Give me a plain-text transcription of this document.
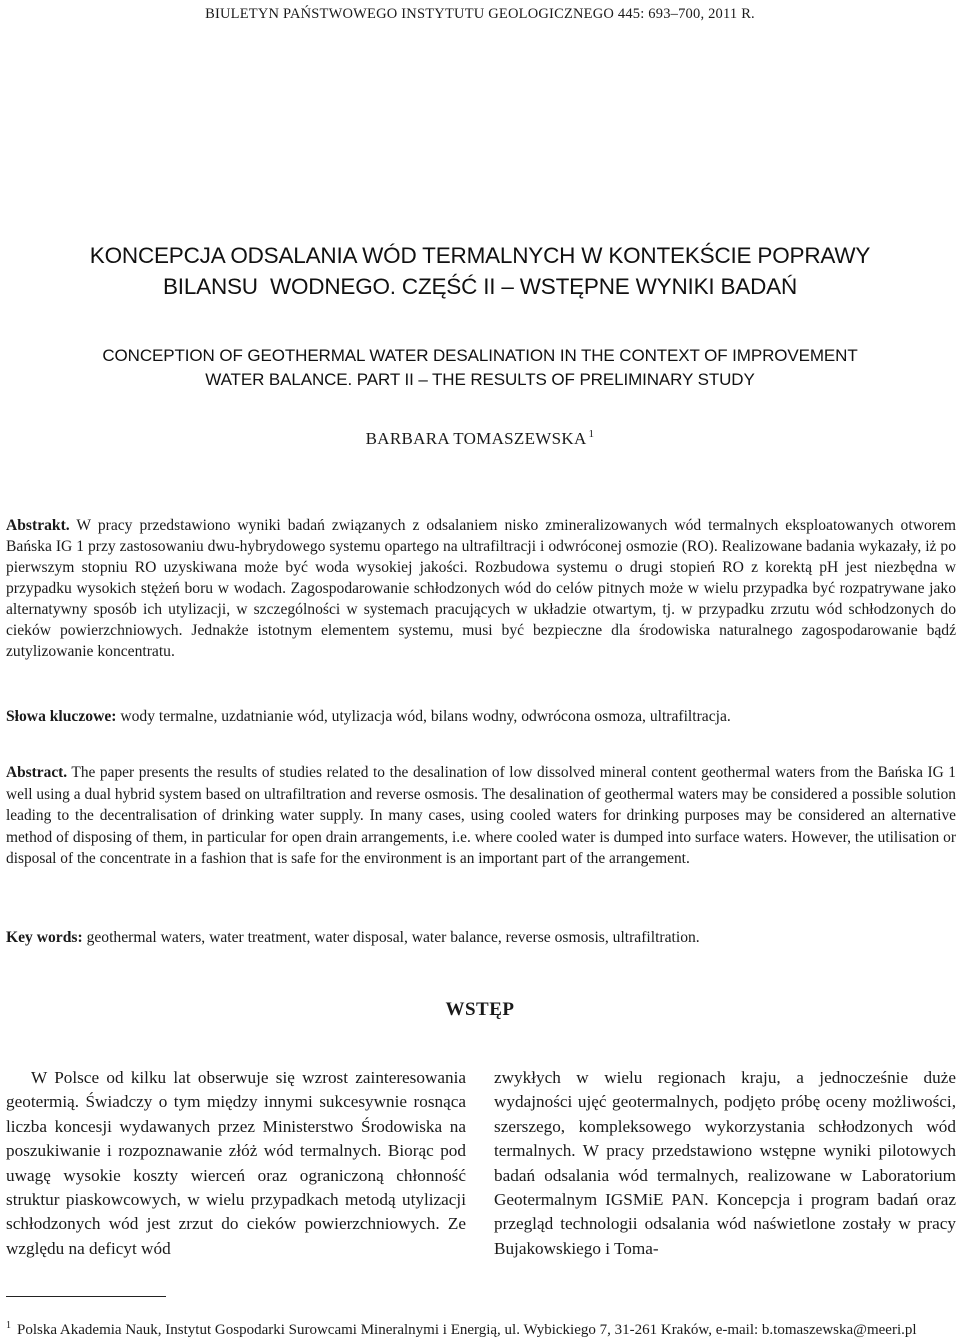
BIULETYN PAŃSTWOWEGO INSTYTUTU GEOLOGICZNEGO 445: 693–700, 2011 R.
KONCEPCJA ODSALANIA WÓD TERMALNYCH W KONTEKŚCIE POPRAWY
BILANSU  WODNEGO. CZĘŚĆ II – WSTĘPNE WYNIKI BADAŃ
CONCEPTION OF GEOTHERMAL WATER DESALINATION IN THE CONTEXT OF IMPROVEMENT
WATER BALANCE. PART II – THE RESULTS OF PRELIMINARY STUDY
BARBARA TOMASZEWSKA $^1$

Abstrakt. W pracy przedstawiono wyniki badań związanych z odsalaniem nisko zmineralizowanych wód termalnych eksploatowanych otworem Bańska IG 1 przy zastosowaniu dwu-hybrydowego systemu opartego na ultrafiltracji i odwróconej osmozie (RO). Realizowane badania wykazały, iż po pierwszym stopniu RO uzyskiwana może być woda wysokiej jakości. Rozbudowa systemu o drugi stopień RO z korektą pH jest niezbędna w przypadku wysokich stężeń boru w wodach. Zagospodarowanie schłodzonych wód do celów pitnych może w wielu przypadka być rozpatrywane jako alternatywny sposób ich utylizacji, w szczególności w systemach pracujących w układzie otwartym, tj. w przypadku zrzutu wód schłodzonych do cieków powierzchniowych. Jednakże istotnym elementem systemu, musi być bezpieczne dla środowiska naturalnego zagospodarowanie bądź zutylizowanie koncentratu.

Słowa kluczowe: wody termalne, uzdatnianie wód, utylizacja wód, bilans wodny, odwrócona osmoza, ultrafiltracja.

Abstract. The paper presents the results of studies related to the desalination of low dissolved mineral content geothermal waters from the Bańska IG 1 well using a dual hybrid system based on ultrafiltration and reverse osmosis. The desalination of geothermal waters may be considered a possible solution leading to the decentralisation of drinking water supply. In many cases, using cooled waters for drinking purposes may be considered an alternative method of disposing of them, in particular for open drain arrangements, i.e. where cooled water is dumped into surface waters. However, the utilisation or disposal of the concentrate in a fashion that is safe for the environment is an important part of the arrangement.

Key words: geothermal waters, water treatment, water disposal, water balance, reverse osmosis, ultrafiltration.

WSTĘP

W Polsce od kilku lat obserwuje się wzrost zainteresowania geotermią. Świadczy o tym między innymi sukcesywnie rosnąca liczba koncesji wydawanych przez Ministerstwo Środowiska na poszukiwanie i rozpoznawanie złóż wód termalnych. Biorąc pod uwagę wysokie koszty wierceń oraz ograniczoną chłonność struktur piaskowcowych, w wielu przypadkach metodą utylizacji schłodzonych wód jest zrzut do cieków powierzchniowych. Ze względu na deficyt wód

zwykłych w wielu regionach kraju, a jednocześnie duże wydajności ujęć geotermalnych, podjęto próbę oceny możliwości, szerszego, kompleksowego wykorzystania schłodzonych wód termalnych. W pracy przedstawiono wstępne wyniki pilotowych badań odsalania wód termalnych, realizowane w Laboratorium Geotermalnym IGSMiE PAN. Koncepcja i program badań oraz przegląd technologii odsalania wód naświetlone zostały w pracy Bujakowskiego i Toma-

$^1$ Polska Akademia Nauk, Instytut Gospodarki Surowcami Mineralnymi i Energią, ul. Wybickiego 7, 31-261 Kraków, e-mail: b.tomaszewska@meeri.pl
